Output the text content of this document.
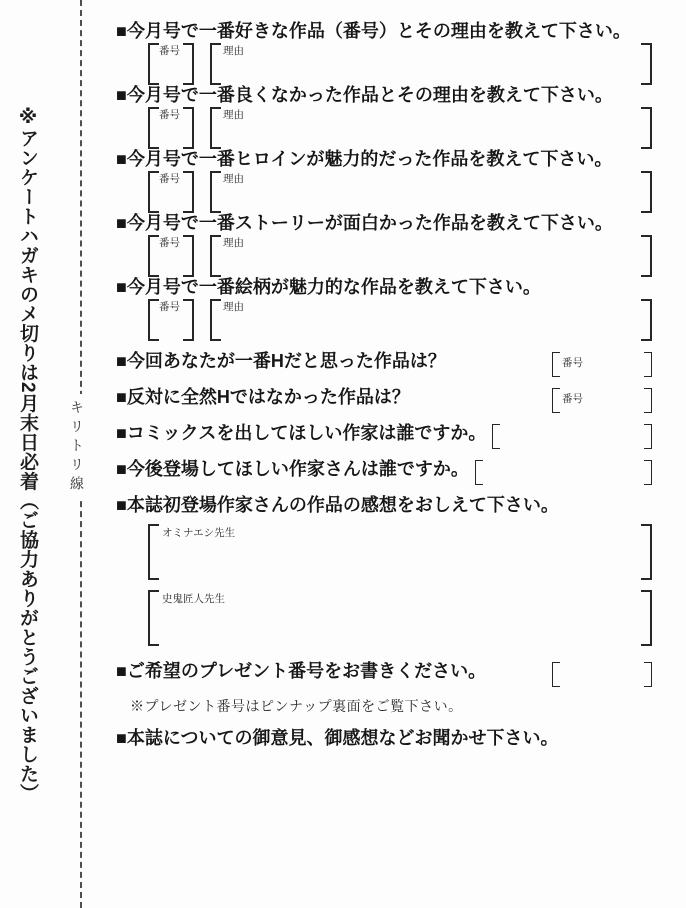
キリトリ線
※アンケートハガキのメ切りは2月末日必着（ご協力ありがとうございました）
■今月号で一番好きな作品（番号）とその理由を教えて下さい。
番号	理由
■今月号で一番良くなかった作品とその理由を教えて下さい。
番号	理由
■今月号で一番ヒロインが魅力的だった作品を教えて下さい。
番号	理由
■今月号で一番ストーリーが面白かった作品を教えて下さい。
番号	理由
■今月号で一番絵柄が魅力的な作品を教えて下さい。
番号	理由
■今回あなたが一番Hだと思った作品は？	番号
■反対に全然Hではなかった作品は？	番号
■コミックスを出してほしい作家は誰ですか。
■今後登場してほしい作家さんは誰ですか。
■本誌初登場作家さんの作品の感想をおしえて下さい。
オミナエシ先生
史鬼匠人先生
■ご希望のプレゼント番号をお書きください。
※プレゼント番号はピンナップ裏面をご覧下さい。
■本誌についての御意見、御感想などお聞かせ下さい。
